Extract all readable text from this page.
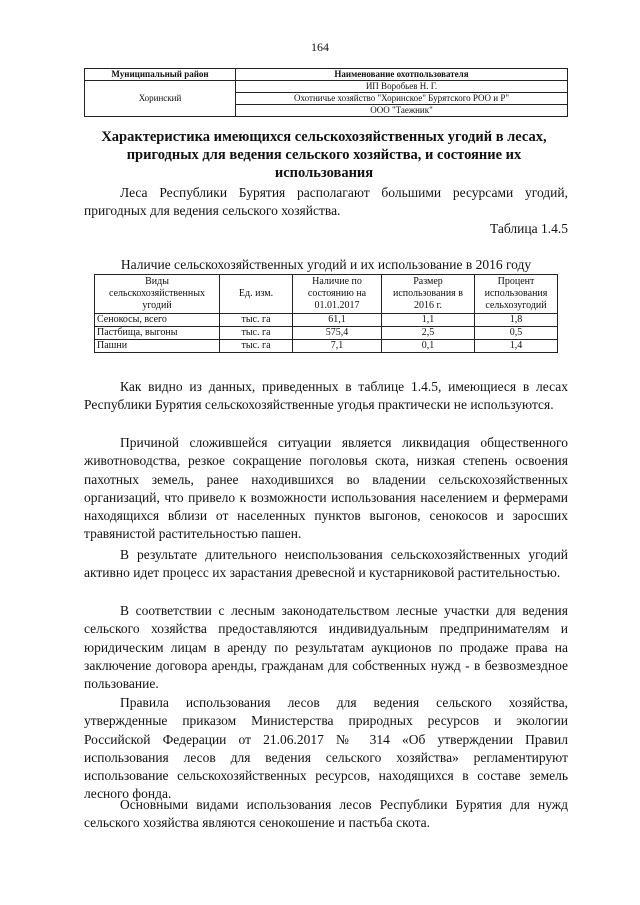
164
Муниципальный район	Наименование охотпользователя
Хоринский	ИП Воробьев Н. Г.
	Охотничье хозяйство "Хоринское" Бурятского РОО и Р"
	ООО "Таежник"
Характеристика имеющихся сельскохозяйственных угодий в лесах, пригодных для ведения сельского хозяйства, и состояние их использования
Леса Республики Бурятия располагают большими ресурсами угодий, пригодных для ведения сельского хозяйства.
Таблица 1.4.5
Наличие сельскохозяйственных угодий и их использование в 2016 году
Виды сельскохозяйственных угодий	Ед. изм.	Наличие по состоянию на 01.01.2017	Размер использования в 2016 г.	Процент использования сельхозугодий
Сенокосы, всего	тыс. га	61,1	1,1	1,8
Пастбища, выгоны	тыс. га	575,4	2,5	0,5
Пашни	тыс. га	7,1	0,1	1,4
Как видно из данных, приведенных в таблице 1.4.5, имеющиеся в лесах Республики Бурятия сельскохозяйственные угодья практически не используются.
Причиной сложившейся ситуации является ликвидация общественного животноводства, резкое сокращение поголовья скота, низкая степень освоения пахотных земель, ранее находившихся во владении сельскохозяйственных организаций, что привело к возможности использования населением и фермерами находящихся вблизи от населенных пунктов выгонов, сенокосов и заросших травянистой растительностью пашен.
В результате длительного неиспользования сельскохозяйственных угодий активно идет процесс их зарастания древесной и кустарниковой растительностью.
В соответствии с лесным законодательством лесные участки для ведения сельского хозяйства предоставляются индивидуальным предпринимателям и юридическим лицам в аренду по результатам аукционов по продаже права на заключение договора аренды, гражданам для собственных нужд - в безвозмездное пользование.
Правила использования лесов для ведения сельского хозяйства, утвержденные приказом Министерства природных ресурсов и экологии Российской Федерации от 21.06.2017 № 314 «Об утверждении Правил использования лесов для ведения сельского хозяйства» регламентируют использование сельскохозяйственных ресурсов, находящихся в составе земель лесного фонда.
Основными видами использования лесов Республики Бурятия для нужд сельского хозяйства являются сенокошение и пастьба скота.
